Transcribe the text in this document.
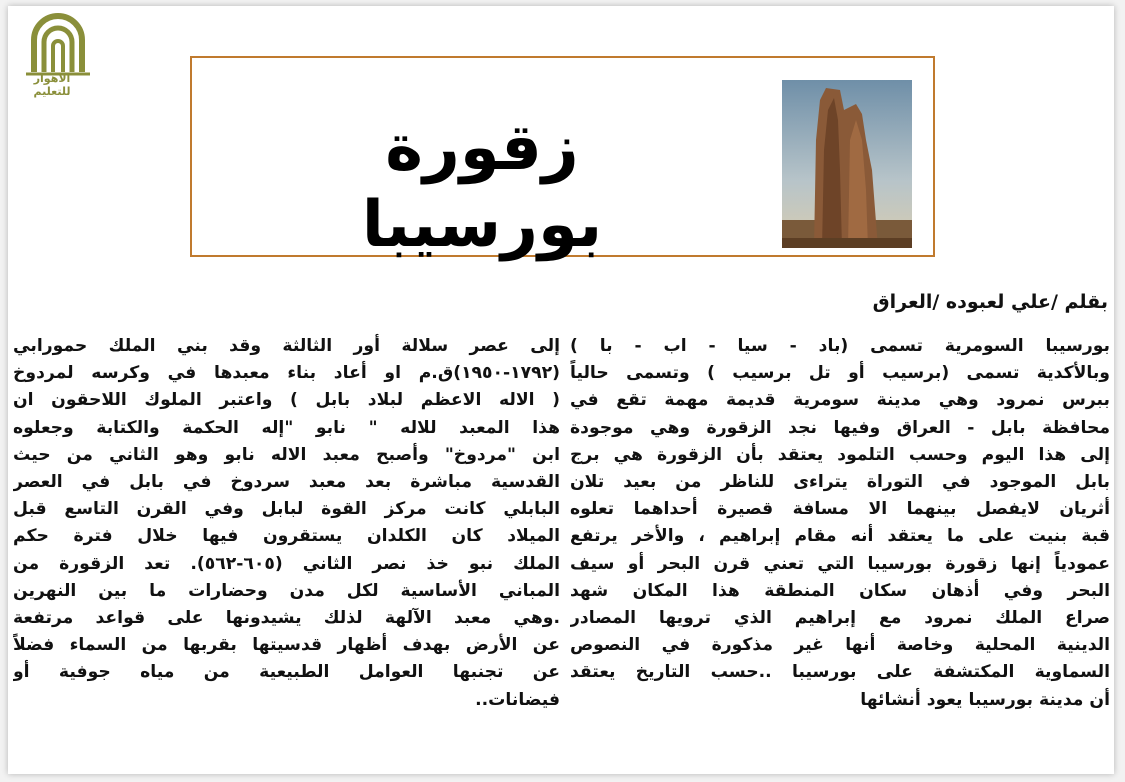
الاهوار للتعليم
زقورة بورسيبا
بقلم /علي لعبوده /العراق
بورسيبا السومرية تسمى (باد - سيا - اب - با )
وبالأكدية تسمى (برسيب أو تل برسيب ) وتسمى حالياً
ببرس نمرود وهي مدينة سومرية قديمة مهمة تقع في
محافظة بابل - العراق وفيها نجد الزقورة وهي موجودة
إلى هذا اليوم وحسب التلمود يعتقد بأن الزقورة هي برج
بابل الموجود في التوراة يتراءى للناظر من بعيد تلان
أثريان لايفصل بينهما الا مسافة قصيرة أحداهما تعلوه
قبة بنيت على ما يعتقد أنه مقام إبراهيم ، والأخر يرتفع
عمودياً إنها زقورة بورسيبا التي تعني قرن البحر أو سيف
البحر وفي أذهان سكان المنطقة هذا المكان شهد
صراع الملك نمرود مع إبراهيم الذي ترويها المصادر
الدينية المحلية وخاصة أنها غير مذكورة في النصوص
السماوية المكتشفة على بورسيبا ..حسب التاريخ يعتقد
أن مدينة بورسيبا يعود أنشائها
إلى عصر سلالة أور الثالثة وقد بني الملك حمورابي
(١٧٩٢-١٩٥٠)ق.م او أعاد بناء معبدها في وكرسه لمردوخ
( الاله الاعظم لبلاد بابل ) واعتبر الملوك اللاحقون ان
هذا المعبد للاله " نابو "إله الحكمة والكتابة وجعلوه
ابن "مردوخ" وأصبح معبد الاله نابو وهو الثاني من حيث
القدسية مباشرة بعد معبد سردوخ في بابل في العصر
البابلي كانت مركز القوة لبابل وفي القرن التاسع قبل
الميلاد كان الكلدان يستقرون فيها خلال فترة حكم
الملك نبو خذ نصر الثاني (٦٠٥-٥٦٢). تعد الزقورة من
المباني الأساسية لكل مدن وحضارات ما بين النهرين
.وهي معبد الآلهة لذلك يشيدونها على قواعد مرتفعة
عن الأرض بهدف أظهار قدسيتها بقربها من السماء فضلاً
عن تجنبها العوامل الطبيعية من مياه جوفية أو
فيضانات..
